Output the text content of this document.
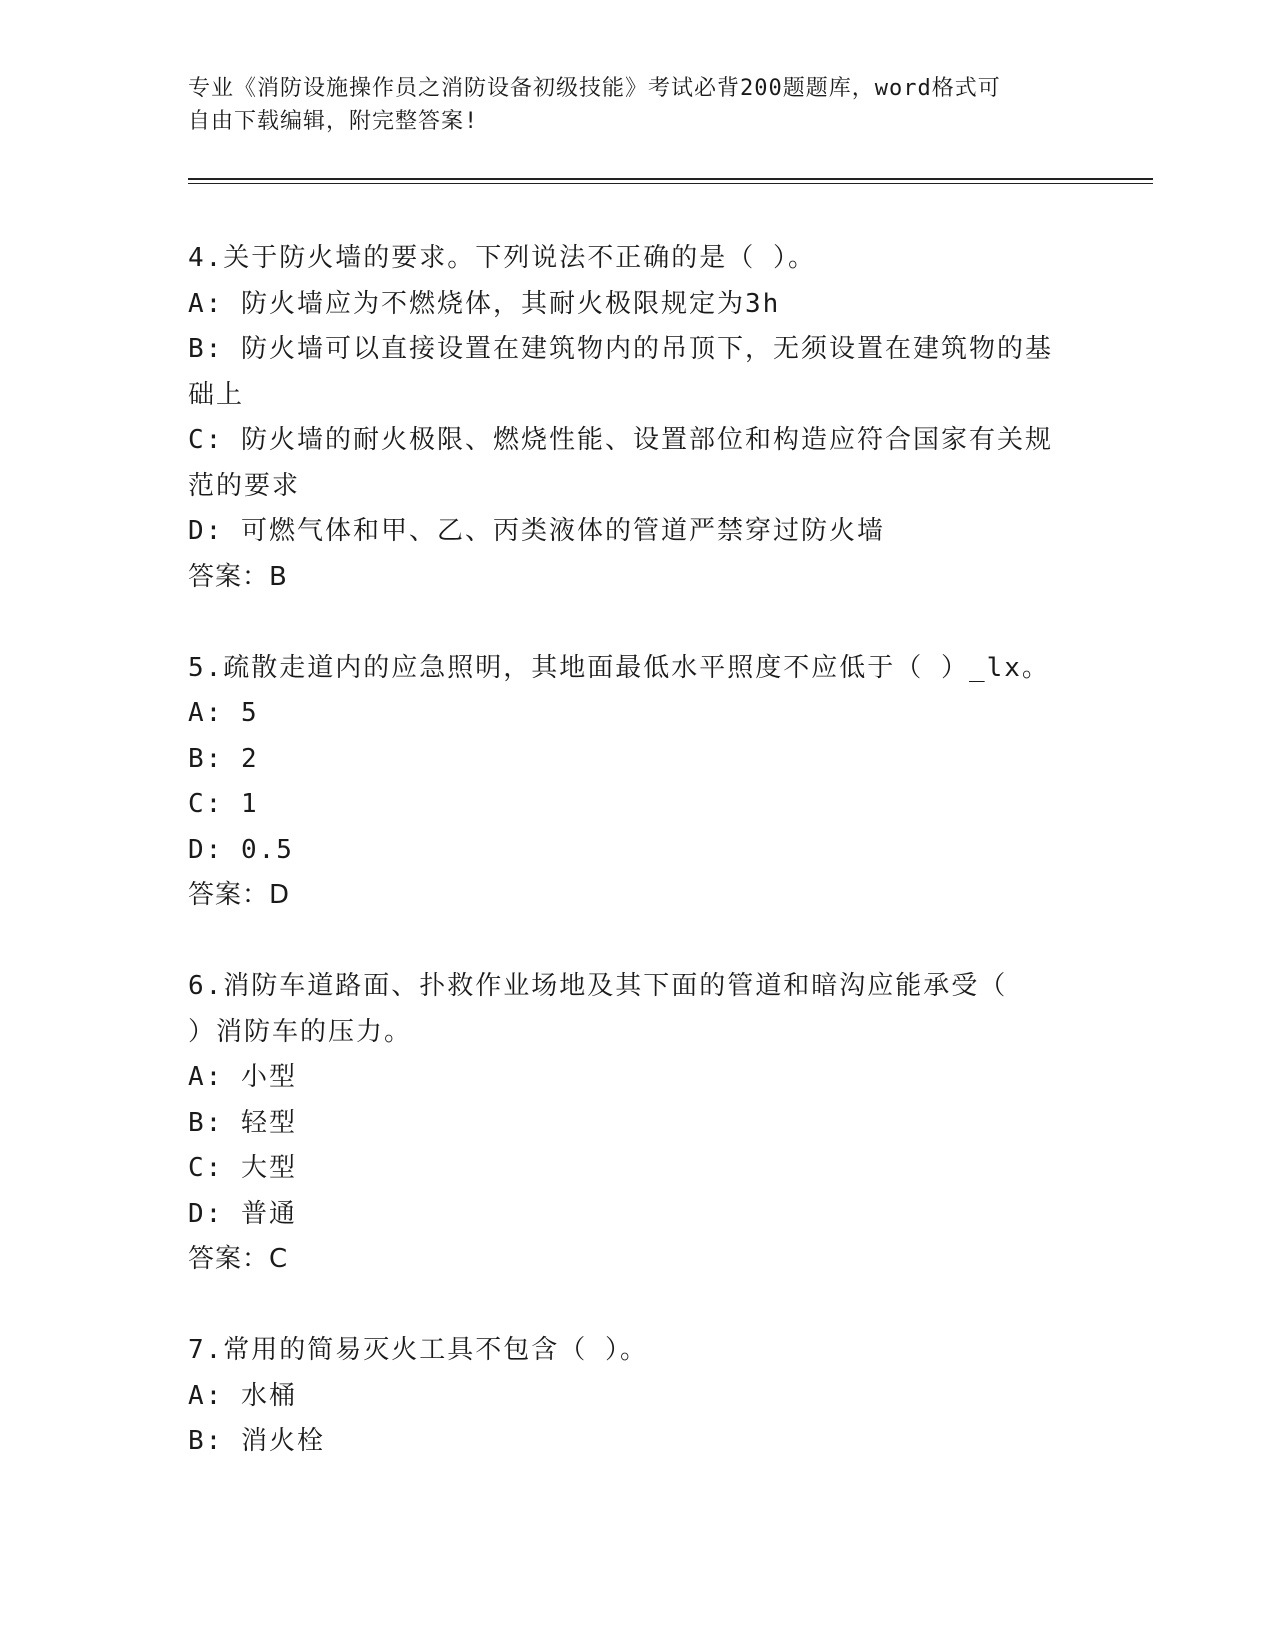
专业《消防设施操作员之消防设备初级技能》考试必背200题题库，word格式可
自由下载编辑，附完整答案!
4.关于防火墙的要求。下列说法不正确的是（ ）。
A: 防火墙应为不燃烧体，其耐火极限规定为3h
B: 防火墙可以直接设置在建筑物内的吊顶下，无须设置在建筑物的基
础上
C: 防火墙的耐火极限、燃烧性能、设置部位和构造应符合国家有关规
范的要求
D: 可燃气体和甲、乙、丙类液体的管道严禁穿过防火墙
答案：B
5.疏散走道内的应急照明，其地面最低水平照度不应低于（ ）_lx。
A: 5
B: 2
C: 1
D: 0.5
答案：D
6.消防车道路面、扑救作业场地及其下面的管道和暗沟应能承受（
）消防车的压力。
A: 小型
B: 轻型
C: 大型
D: 普通
答案：C
7.常用的简易灭火工具不包含（ ）。
A: 水桶
B: 消火栓
